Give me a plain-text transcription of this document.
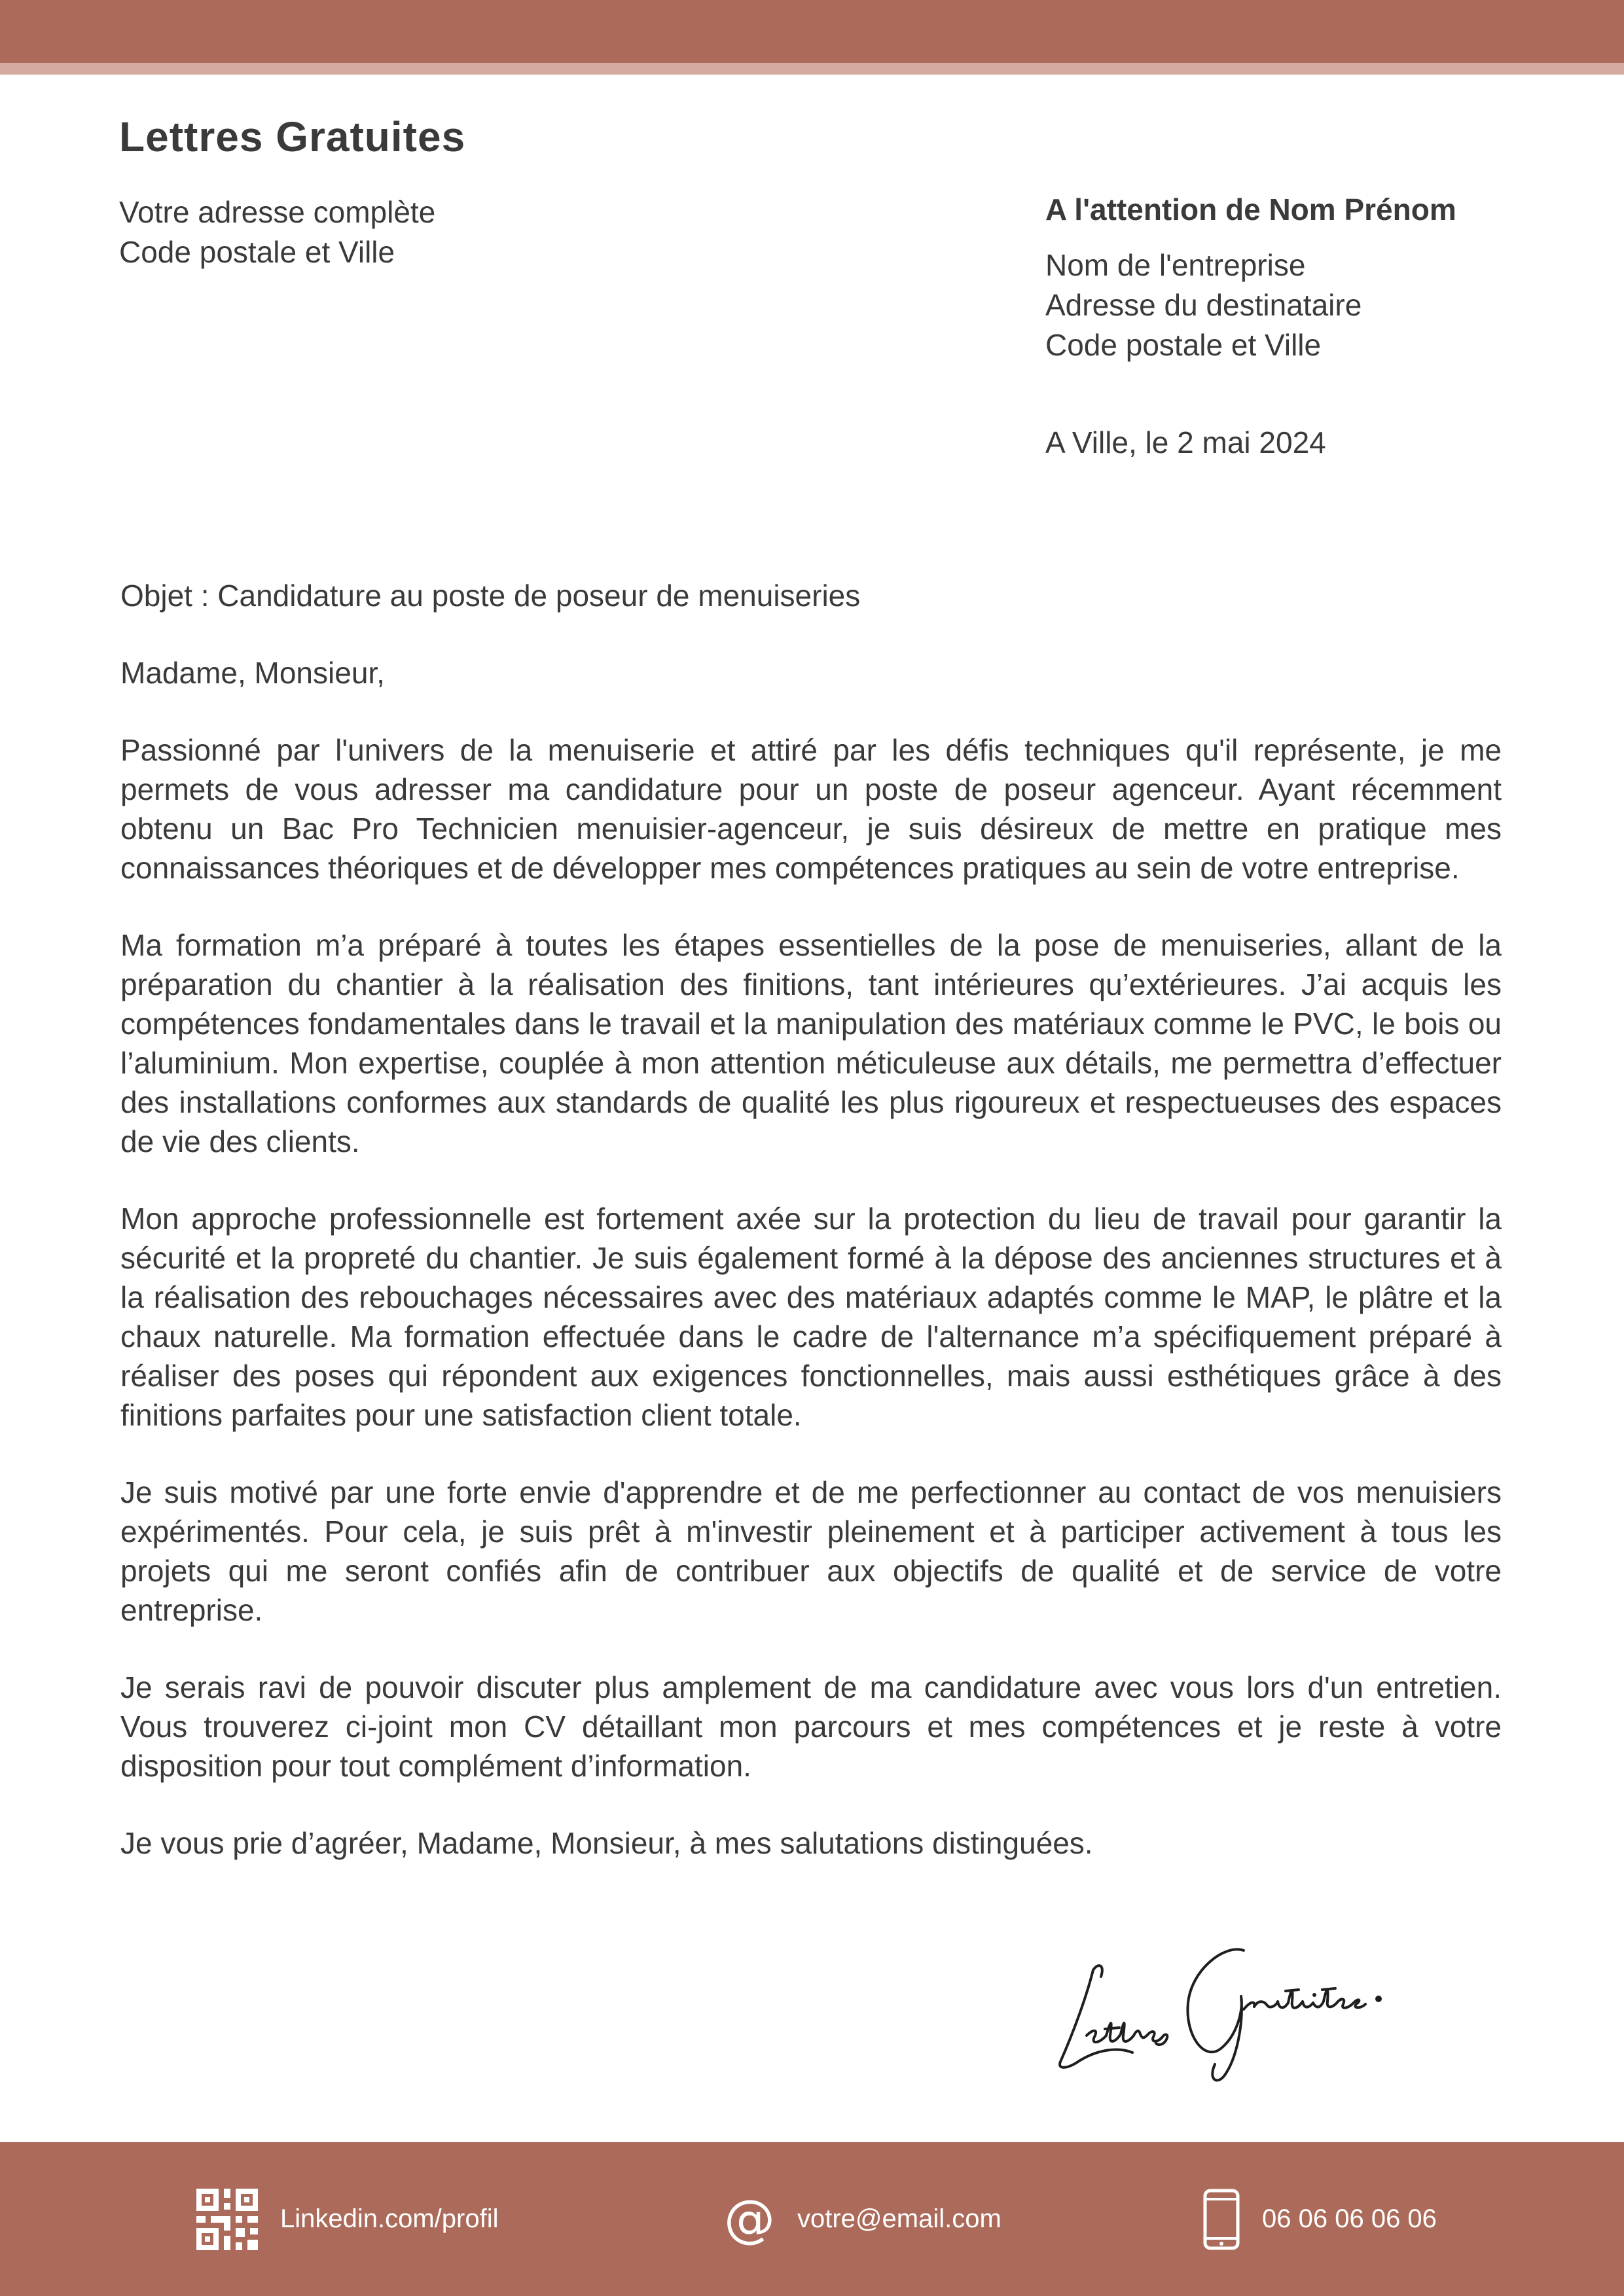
Lettres Gratuites
Votre adresse complète
Code postale et Ville
A l'attention de Nom Prénom
Nom de l'entreprise
Adresse du destinataire
Code postale et Ville
A Ville, le 2 mai 2024

Objet : Candidature au poste de poseur de menuiseries

Madame, Monsieur,

Passionné par l'univers de la menuiserie et attiré par les défis techniques qu'il représente, je me permets de vous adresser ma candidature pour un poste de poseur agenceur. Ayant récemment obtenu un Bac Pro Technicien menuisier-agenceur, je suis désireux de mettre en pratique mes connaissances théoriques et de développer mes compétences pratiques au sein de votre entreprise.

Ma formation m’a préparé à toutes les étapes essentielles de la pose de menuiseries, allant de la préparation du chantier à la réalisation des finitions, tant intérieures qu’extérieures. J’ai acquis les compétences fondamentales dans le travail et la manipulation des matériaux comme le PVC, le bois ou l’aluminium. Mon expertise, couplée à mon attention méticuleuse aux détails, me permettra d’effectuer des installations conformes aux standards de qualité les plus rigoureux et respectueuses des espaces de vie des clients.

Mon approche professionnelle est fortement axée sur la protection du lieu de travail pour garantir la sécurité et la propreté du chantier. Je suis également formé à la dépose des anciennes structures et à la réalisation des rebouchages nécessaires avec des matériaux adaptés comme le MAP, le plâtre et la chaux naturelle. Ma formation effectuée dans le cadre de l'alternance m’a spécifiquement préparé à réaliser des poses qui répondent aux exigences fonctionnelles, mais aussi esthétiques grâce à des finitions parfaites pour une satisfaction client totale.

Je suis motivé par une forte envie d'apprendre et de me perfectionner au contact de vos menuisiers expérimentés. Pour cela, je suis prêt à m'investir pleinement et à participer activement à tous les projets qui me seront confiés afin de contribuer aux objectifs de qualité et de service de votre entreprise.

Je serais ravi de pouvoir discuter plus amplement de ma candidature avec vous lors d'un entretien. Vous trouverez ci-joint mon CV détaillant mon parcours et mes compétences et je reste à votre disposition pour tout complément d’information.

Je vous prie d’agréer, Madame, Monsieur, à mes salutations distinguées.

Linkedin.com/profil	@ votre@email.com	06 06 06 06 06
